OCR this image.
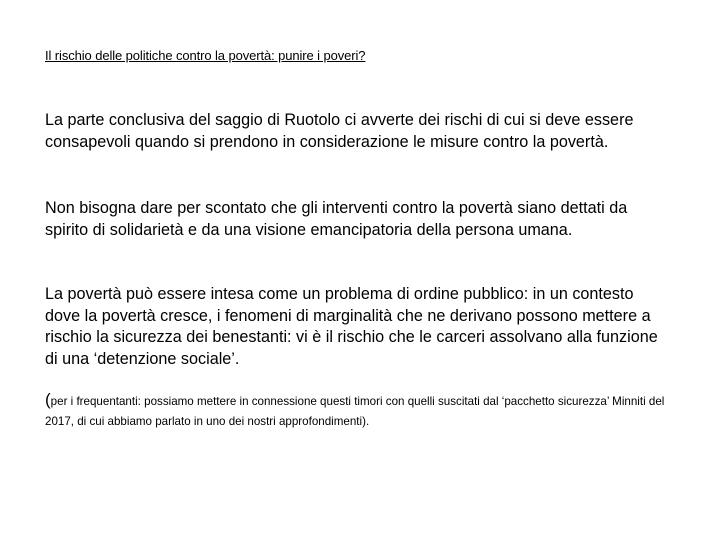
Il rischio delle politiche contro la povertà: punire i poveri?

La parte conclusiva del saggio di Ruotolo ci avverte dei rischi di cui si deve essere consapevoli quando si prendono in considerazione le misure contro la povertà.

Non bisogna dare per scontato che gli interventi contro la povertà siano dettati da spirito di solidarietà e da una visione emancipatoria della persona umana.

La povertà può essere intesa come un problema di ordine pubblico: in un contesto dove la povertà cresce, i fenomeni di marginalità che ne derivano possono mettere a rischio la sicurezza dei benestanti: vi è il rischio che le carceri assolvano alla funzione di una ‘detenzione sociale’.

(per i frequentanti: possiamo mettere in connessione questi timori con quelli suscitati dal ‘pacchetto sicurezza’ Minniti del 2017, di cui abbiamo parlato in uno dei nostri approfondimenti).
